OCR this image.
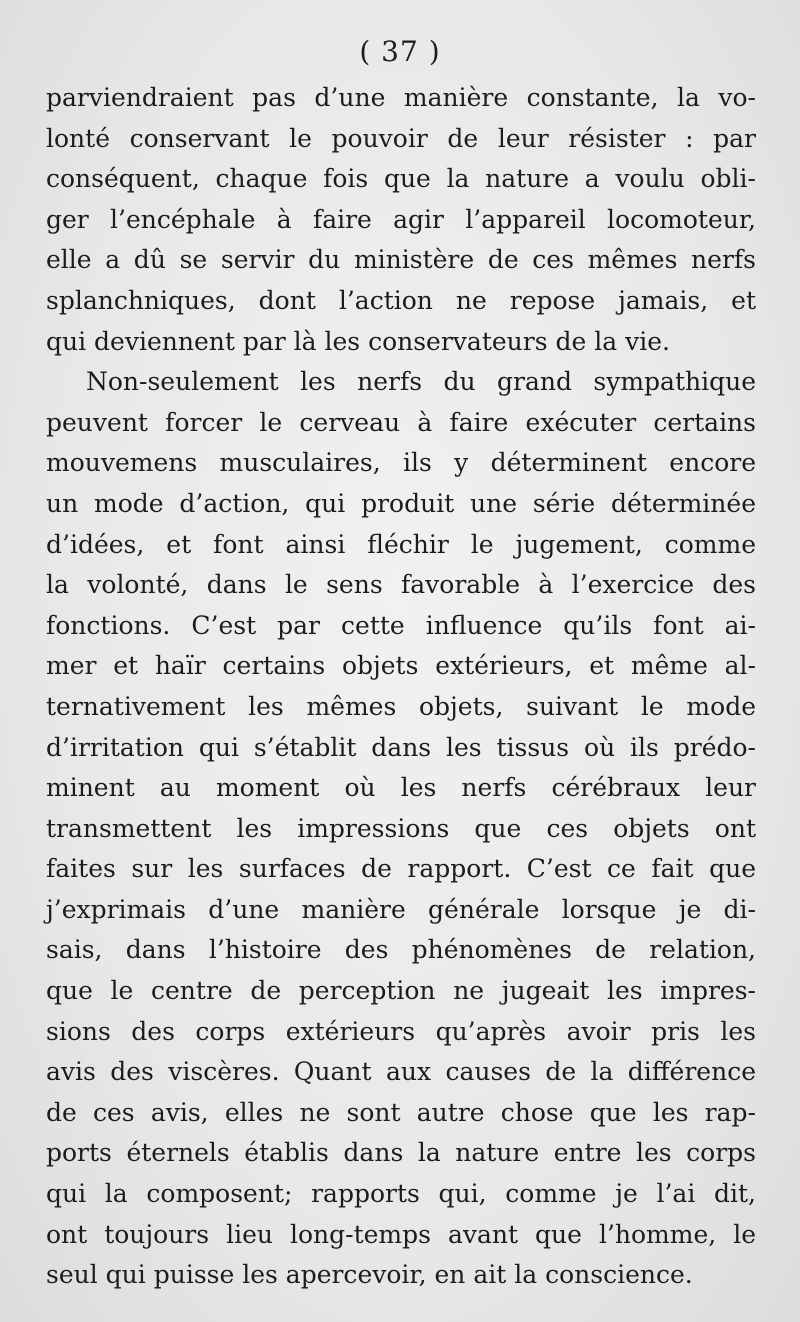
( 37 )
parviendraient pas d’une manière constante, la vo-
lonté conservant le pouvoir de leur résister : par
conséquent, chaque fois que la nature a voulu obli-
ger l’encéphale à faire agir l’appareil locomoteur,
elle a dû se servir du ministère de ces mêmes nerfs
splanchniques, dont l’action ne repose jamais, et
qui deviennent par là les conservateurs de la vie.
Non-seulement les nerfs du grand sympathique
peuvent forcer le cerveau à faire exécuter certains
mouvemens musculaires, ils y déterminent encore
un mode d’action, qui produit une série déterminée
d’idées, et font ainsi fléchir le jugement, comme
la volonté, dans le sens favorable à l’exercice des
fonctions. C’est par cette influence qu’ils font ai-
mer et haïr certains objets extérieurs, et même al-
ternativement les mêmes objets, suivant le mode
d’irritation qui s’établit dans les tissus où ils prédo-
minent au moment où les nerfs cérébraux leur
transmettent les impressions que ces objets ont
faites sur les surfaces de rapport. C’est ce fait que
j’exprimais d’une manière générale lorsque je di-
sais, dans l’histoire des phénomènes de relation,
que le centre de perception ne jugeait les impres-
sions des corps extérieurs qu’après avoir pris les
avis des viscères. Quant aux causes de la différence
de ces avis, elles ne sont autre chose que les rap-
ports éternels établis dans la nature entre les corps
qui la composent; rapports qui, comme je l’ai dit,
ont toujours lieu long-temps avant que l’homme, le
seul qui puisse les apercevoir, en ait la conscience.
